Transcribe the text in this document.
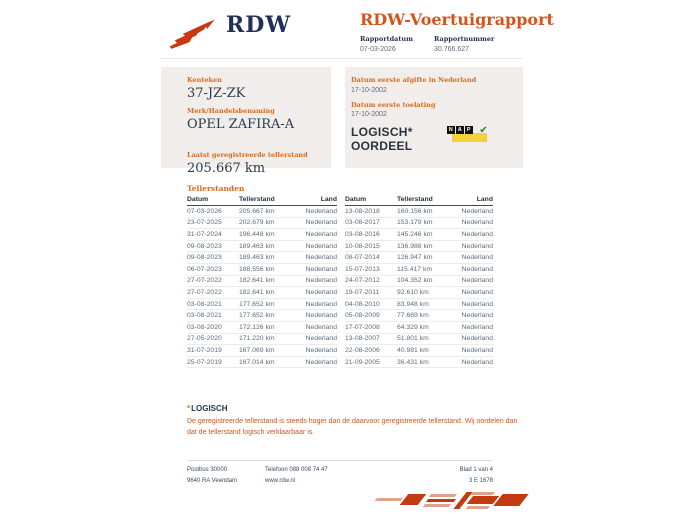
RDW	RDW-Voertuigrapport
Rapportdatum
07-03-2026
Rapportnummer
30.766.627
Kenteken
37-JZ-ZK
Merk/Handelsbenaming
OPEL ZAFIRA-A
Laatst geregistreerde tellerstand
205.667 km
Datum eerste afgifte in Nederland
17-10-2002
Datum eerste toelating
17-10-2002
LOGISCH*
OORDEEL
N A P ✔
Tellerstanden
Datum	Tellerstand	Land
07-03-2026	205.667 km	Nederland
23-07-2025	202.679 km	Nederland
31-07-2024	196.448 km	Nederland
09-08-2023	189.463 km	Nederland
09-08-2023	189.463 km	Nederland
06-07-2023	188.556 km	Nederland
27-07-2022	182.641 km	Nederland
27-07-2022	182.641 km	Nederland
03-08-2021	177.652 km	Nederland
03-08-2021	177.652 km	Nederland
03-08-2020	172.126 km	Nederland
27-05-2020	171.220 km	Nederland
31-07-2019	167.069 km	Nederland
25-07-2019	167.014 km	Nederland
Datum	Tellerstand	Land
13-08-2018	160.156 km	Nederland
03-08-2017	153.179 km	Nederland
03-08-2016	145.246 km	Nederland
10-08-2015	136.988 km	Nederland
08-07-2014	126.947 km	Nederland
15-07-2013	115.417 km	Nederland
24-07-2012	104.352 km	Nederland
19-07-2011	92.610 km	Nederland
04-08-2010	83.948 km	Nederland
05-08-2009	77.689 km	Nederland
17-07-2008	64.329 km	Nederland
13-08-2007	51.801 km	Nederland
22-08-2006	40.981 km	Nederland
21-09-2005	36.431 km	Nederland
*LOGISCH
De geregistreerde tellerstand is steeds hoger dan de daarvoor geregistreerde tellerstand. Wij oordelen dan dat de tellerstand logisch verklaarbaar is.
Postbus 30000
9640 RA Veendam
Telefoon 088 008 74 47
www.rdw.nl
Blad 1 van 4
3 E 1678
